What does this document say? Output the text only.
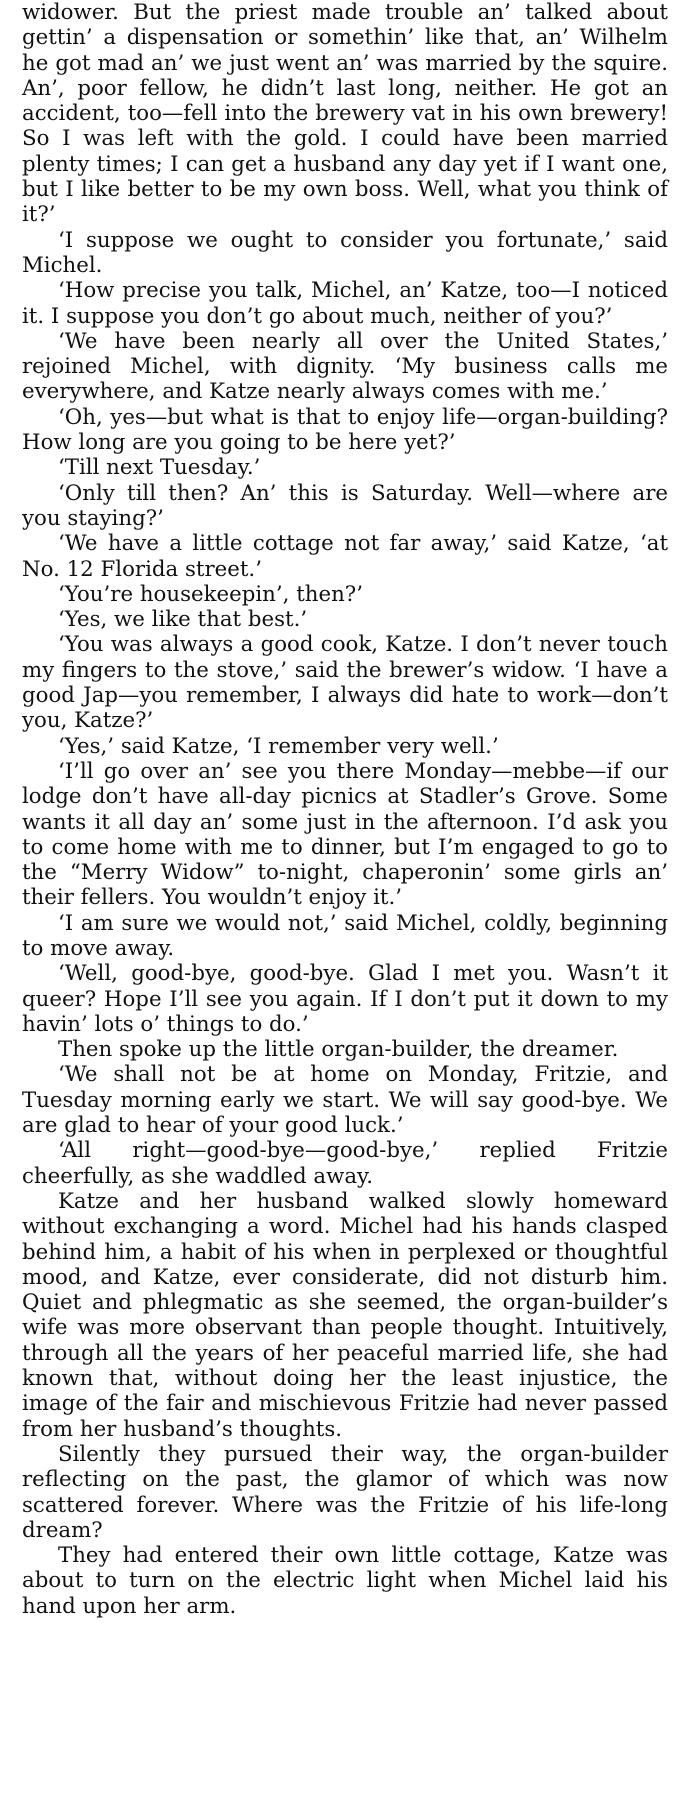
widower. But the priest made trouble an’ talked about gettin’ a dispensation or somethin’ like that, an’ Wilhelm he got mad an’ we just went an’ was married by the squire. An’, poor fellow, he didn’t last long, neither. He got an accident, too—fell into the brewery vat in his own brewery! So I was left with the gold. I could have been married plenty times; I can get a husband any day yet if I want one, but I like better to be my own boss. Well, what you think of it?’

‘I suppose we ought to consider you fortunate,’ said Michel.

‘How precise you talk, Michel, an’ Katze, too—I noticed it. I suppose you don’t go about much, neither of you?’

‘We have been nearly all over the United States,’ rejoined Michel, with dignity. ‘My business calls me everywhere, and Katze nearly always comes with me.’

‘Oh, yes—but what is that to enjoy life—organ-building? How long are you going to be here yet?’

‘Till next Tuesday.’

‘Only till then? An’ this is Saturday. Well—where are you staying?’

‘We have a little cottage not far away,’ said Katze, ‘at No. 12 Florida street.’

‘You’re housekeepin’, then?’

‘Yes, we like that best.’

‘You was always a good cook, Katze. I don’t never touch my fingers to the stove,’ said the brewer’s widow. ‘I have a good Jap—you remember, I always did hate to work—don’t you, Katze?’

‘Yes,’ said Katze, ‘I remember very well.’

‘I’ll go over an’ see you there Monday—mebbe—if our lodge don’t have all-day picnics at Stadler’s Grove. Some wants it all day an’ some just in the afternoon. I’d ask you to come home with me to dinner, but I’m engaged to go to the “Merry Widow” to-night, chaperonin’ some girls an’ their fellers. You wouldn’t enjoy it.’

‘I am sure we would not,’ said Michel, coldly, beginning to move away.

‘Well, good-bye, good-bye. Glad I met you. Wasn’t it queer? Hope I’ll see you again. If I don’t put it down to my havin’ lots o’ things to do.’

Then spoke up the little organ-builder, the dreamer.

‘We shall not be at home on Monday, Fritzie, and Tuesday morning early we start. We will say good-bye. We are glad to hear of your good luck.’

‘All right—good-bye—good-bye,’ replied Fritzie cheerfully, as she waddled away.

Katze and her husband walked slowly homeward without exchanging a word. Michel had his hands clasped behind him, a habit of his when in perplexed or thoughtful mood, and Katze, ever considerate, did not disturb him. Quiet and phlegmatic as she seemed, the organ-builder’s wife was more observant than people thought. Intuitively, through all the years of her peaceful married life, she had known that, without doing her the least injustice, the image of the fair and mischievous Fritzie had never passed from her husband’s thoughts.

Silently they pursued their way, the organ-builder reflecting on the past, the glamor of which was now scattered forever. Where was the Fritzie of his life-long dream?

They had entered their own little cottage, Katze was about to turn on the electric light when Michel laid his hand upon her arm.
